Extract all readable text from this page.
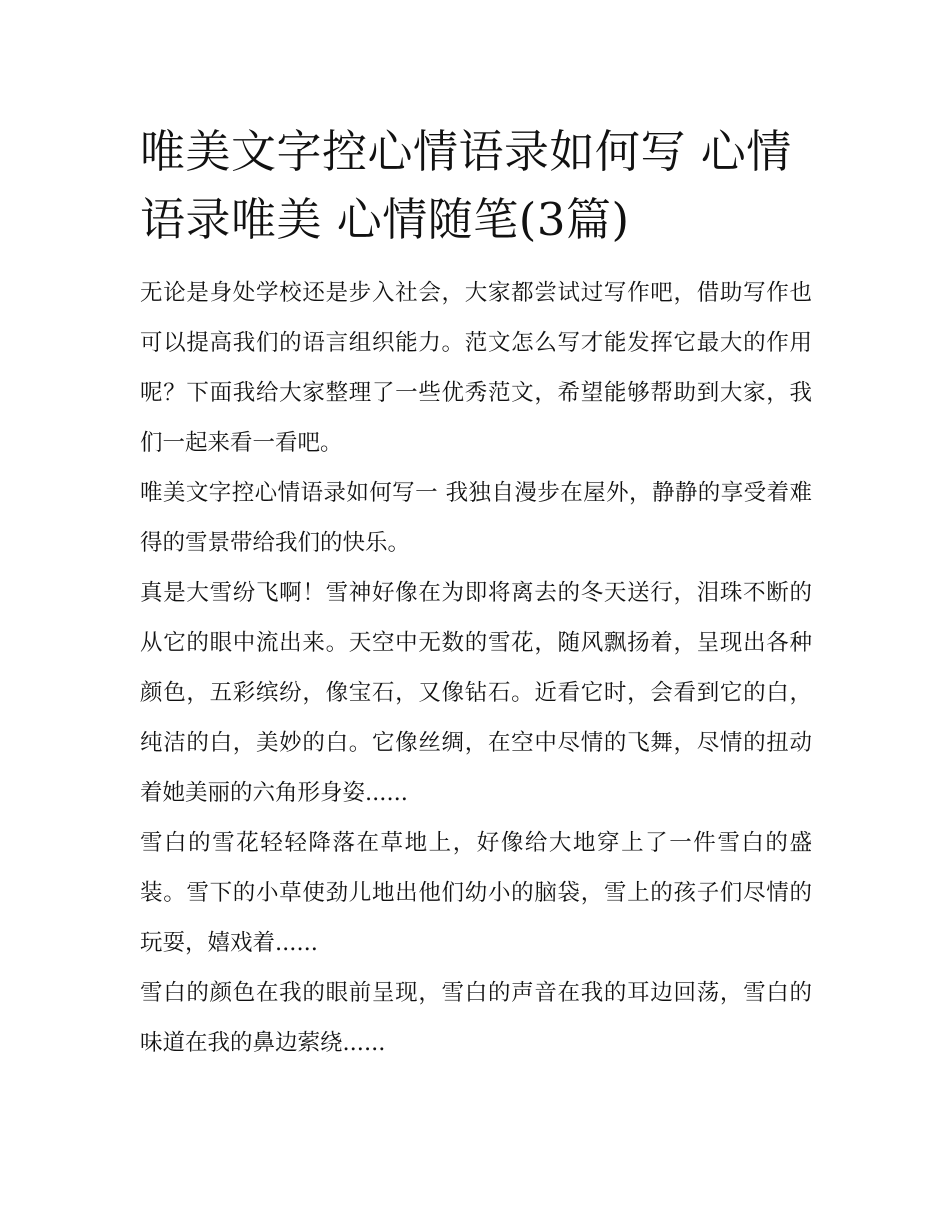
唯美文字控心情语录如何写 心情语录唯美 心情随笔(3篇)

无论是身处学校还是步入社会，大家都尝试过写作吧，借助写作也可以提高我们的语言组织能力。范文怎么写才能发挥它最大的作用呢？下面我给大家整理了一些优秀范文，希望能够帮助到大家，我们一起来看一看吧。

唯美文字控心情语录如何写一 我独自漫步在屋外，静静的享受着难得的雪景带给我们的快乐。

真是大雪纷飞啊！雪神好像在为即将离去的冬天送行，泪珠不断的从它的眼中流出来。天空中无数的雪花，随风飘扬着，呈现出各种颜色，五彩缤纷，像宝石，又像钻石。近看它时，会看到它的白，纯洁的白，美妙的白。它像丝绸，在空中尽情的飞舞，尽情的扭动着她美丽的六角形身姿......

雪白的雪花轻轻降落在草地上，好像给大地穿上了一件雪白的盛装。雪下的小草使劲儿地出他们幼小的脑袋，雪上的孩子们尽情的玩耍，嬉戏着......

雪白的颜色在我的眼前呈现，雪白的声音在我的耳边回荡，雪白的味道在我的鼻边萦绕......
